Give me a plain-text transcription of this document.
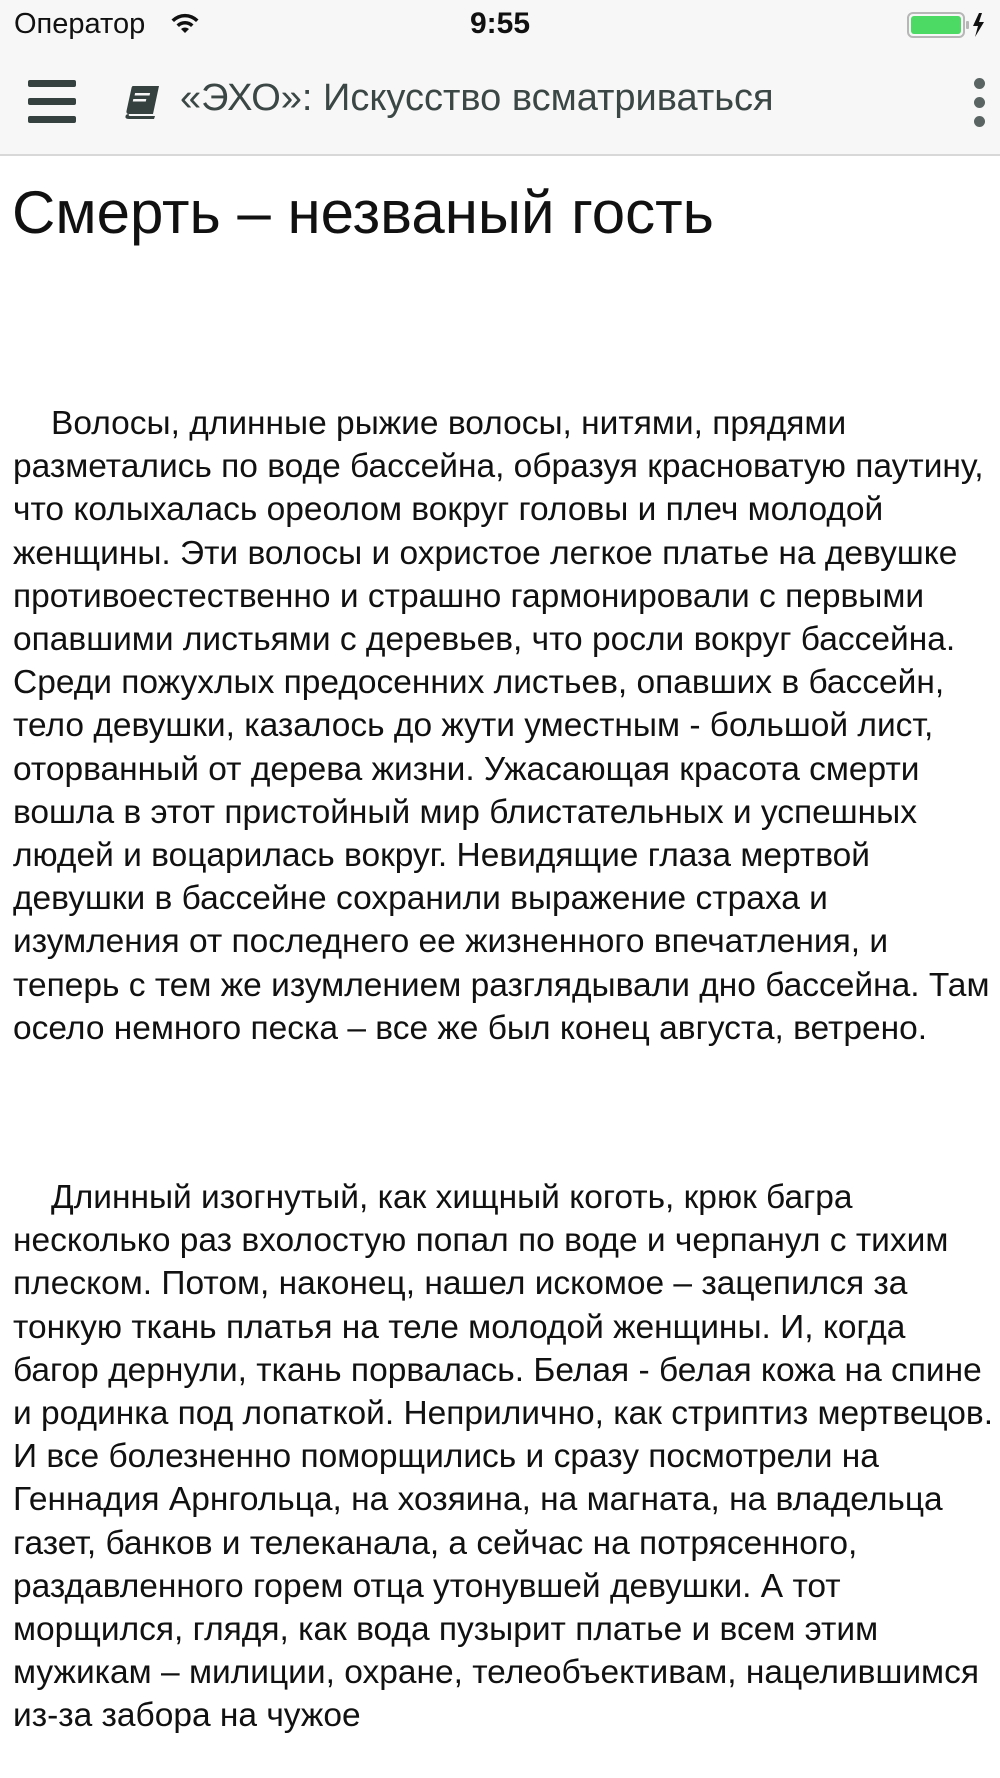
Оператор	9:55
«ЭХО»: Искусство всматриваться
Смерть – незваный гость

Волосы, длинные рыжие волосы, нитями, прядями разметались по воде бассейна, образуя красноватую паутину, что колыхалась ореолом вокруг головы и плеч молодой женщины. Эти волосы и охристое легкое платье на девушке противоестественно и страшно гармонировали с первыми опавшими листьями с деревьев, что росли вокруг бассейна. Среди пожухлых предосенних листьев, опавших в бассейн, тело девушки, казалось до жути уместным - большой лист, оторванный от дерева жизни. Ужасающая красота смерти вошла в этот пристойный мир блистательных и успешных людей и воцарилась вокруг. Невидящие глаза мертвой девушки в бассейне сохранили выражение страха и изумления от последнего ее жизненного впечатления, и теперь с тем же изумлением разглядывали дно бассейна. Там осело немного песка – все же был конец августа, ветрено.

Длинный изогнутый, как хищный коготь, крюк багра несколько раз вхолостую попал по воде и черпанул с тихим плеском. Потом, наконец, нашел искомое – зацепился за тонкую ткань платья на теле молодой женщины. И, когда багор дернули, ткань порвалась. Белая - белая кожа на спине и родинка под лопаткой. Неприлично, как стриптиз мертвецов. И все болезненно поморщились и сразу посмотрели на Геннадия Арнгольца, на хозяина, на магната, на владельца газет, банков и телеканала, а сейчас на потрясенного, раздавленного горем отца утонувшей девушки. А тот морщился, глядя, как вода пузырит платье и всем этим мужикам – милиции, охране, телеобъективам, нацелившимся из-за забора на чужое
